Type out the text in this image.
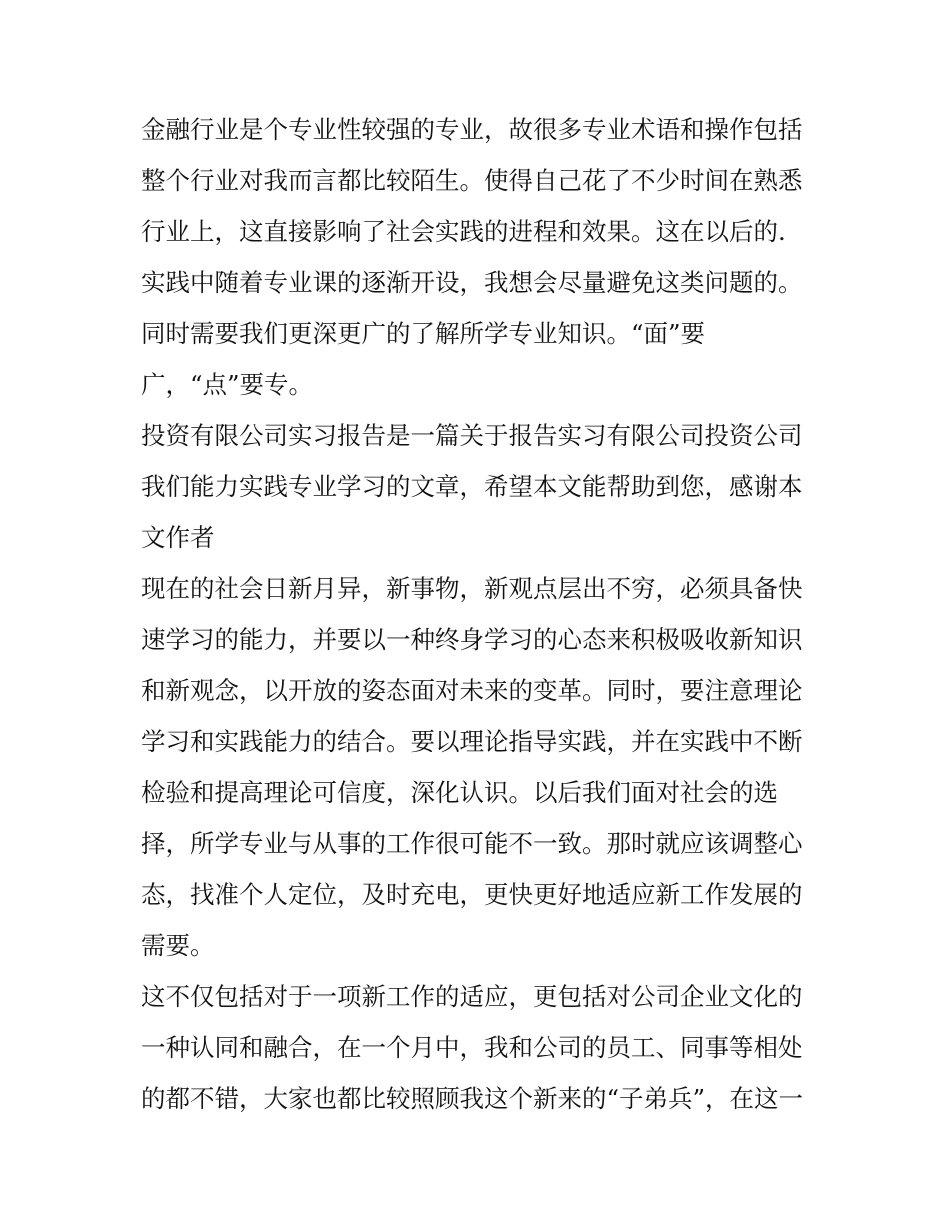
金融行业是个专业性较强的专业，故很多专业术语和操作包括
整个行业对我而言都比较陌生。使得自己花了不少时间在熟悉
行业上，这直接影响了社会实践的进程和效果。这在以后的.
实践中随着专业课的逐渐开设，我想会尽量避免这类问题的。
同时需要我们更深更广的了解所学专业知识。“面”要
广，“点”要专。
投资有限公司实习报告是一篇关于报告实习有限公司投资公司
我们能力实践专业学习的文章，希望本文能帮助到您，感谢本
文作者
现在的社会日新月异，新事物，新观点层出不穷，必须具备快
速学习的能力，并要以一种终身学习的心态来积极吸收新知识
和新观念，以开放的姿态面对未来的变革。同时，要注意理论
学习和实践能力的结合。要以理论指导实践，并在实践中不断
检验和提高理论可信度，深化认识。以后我们面对社会的选
择，所学专业与从事的工作很可能不一致。那时就应该调整心
态，找准个人定位，及时充电，更快更好地适应新工作发展的
需要。
这不仅包括对于一项新工作的适应，更包括对公司企业文化的
一种认同和融合，在一个月中，我和公司的员工、同事等相处
的都不错，大家也都比较照顾我这个新来的“子弟兵”，在这一
